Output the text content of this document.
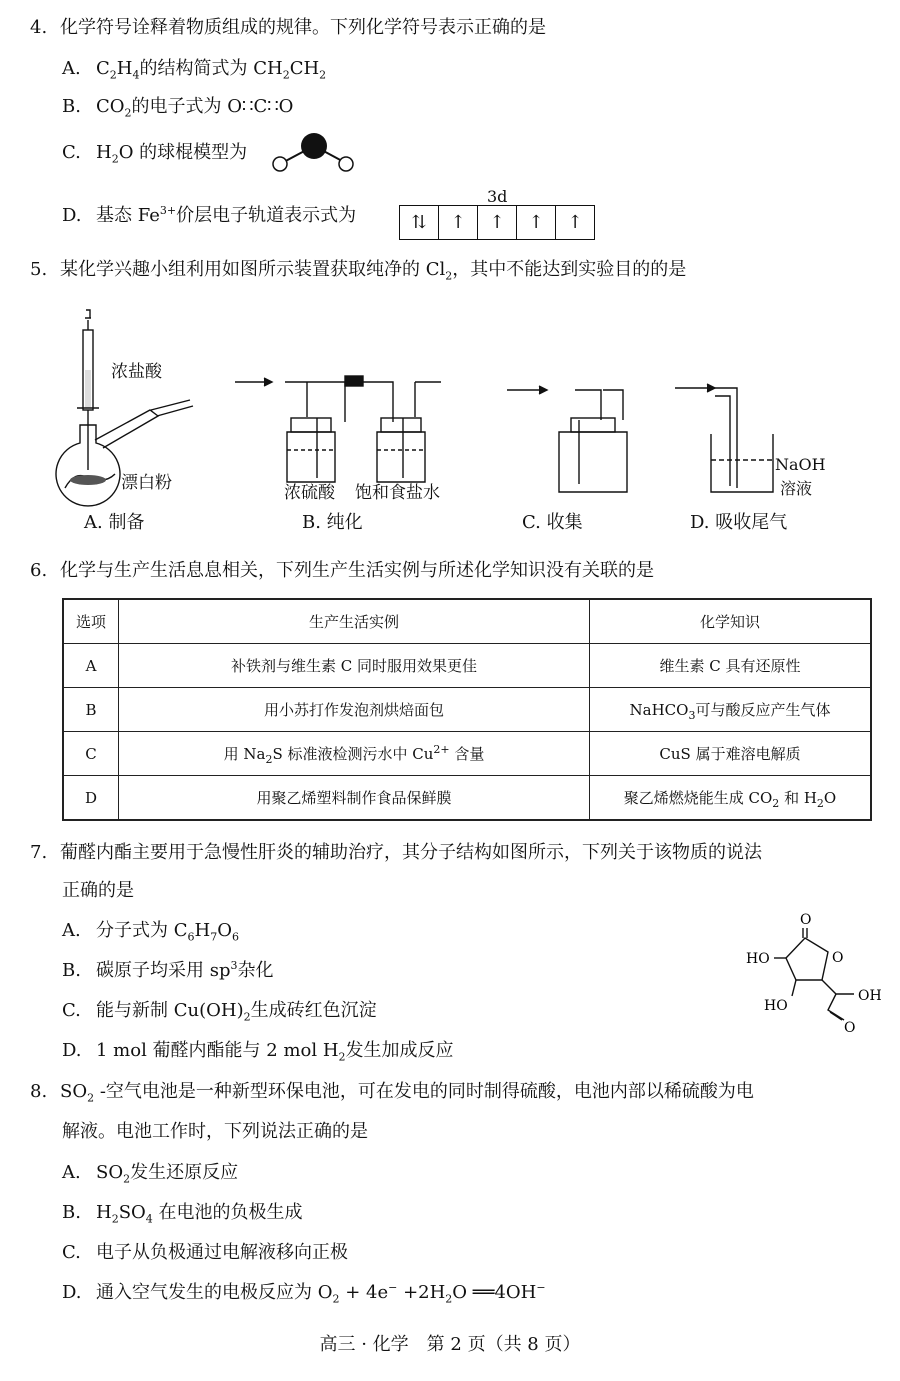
4. 化学符号诠释着物质组成的规律。下列化学符号表示正确的是
A. $C_2H_4$的结构简式为 $CH_2CH_2$
B. $CO_2$的电子式为 O∷C∷O
C. $H_2O$ 的球棍模型为
D. 基态 $Fe^{3+}$价层电子轨道表示式为
3d
⇅	↑	↑	↑	↑
5. 某化学兴趣小组利用如图所示装置获取纯净的 $Cl_2$，其中不能达到实验目的的是
浓盐酸
漂白粉	浓硫酸 饱和食盐水
NaOH
溶液
A. 制备	B. 纯化	C. 收集	D. 吸收尾气
6. 化学与生产生活息息相关，下列生产生活实例与所述化学知识没有关联的是
选项	生产生活实例	化学知识
A	补铁剂与维生素 C 同时服用效果更佳	维生素 C 具有还原性
B	用小苏打作发泡剂烘焙面包	NaHCO$_3$可与酸反应产生气体
C	用 $Na_2S$ 标准液检测污水中 $Cu^{2+}$ 含量	CuS 属于难溶电解质
D	用聚乙烯塑料制作食品保鲜膜	聚乙烯燃烧能生成 $CO_2$ 和 $H_2O$
7. 葡醛内酯主要用于急慢性肝炎的辅助治疗，其分子结构如图所示，下列关于该物质的说法
正确的是
A. 分子式为 $C_6H_7O_6$
B. 碳原子均采用 $sp^3$杂化
C. 能与新制 $Cu(OH)_2$生成砖红色沉淀
D. 1 mol 葡醛内酯能与 2 mol $H_2$发生加成反应
O
O
HO
HO
OH
O
8. $SO_2$ -空气电池是一种新型环保电池，可在发电的同时制得硫酸，电池内部以稀硫酸为电
解液。电池工作时，下列说法正确的是
A. $SO_2$发生还原反应
B. $H_2SO_4$ 在电池的负极生成
C. 电子从负极通过电解液移向正极
D. 通入空气发生的电极反应为 $O_2 + 4e^- +2H_2O$ ══4OH−
高三 · 化学　第 2 页（共 8 页）
